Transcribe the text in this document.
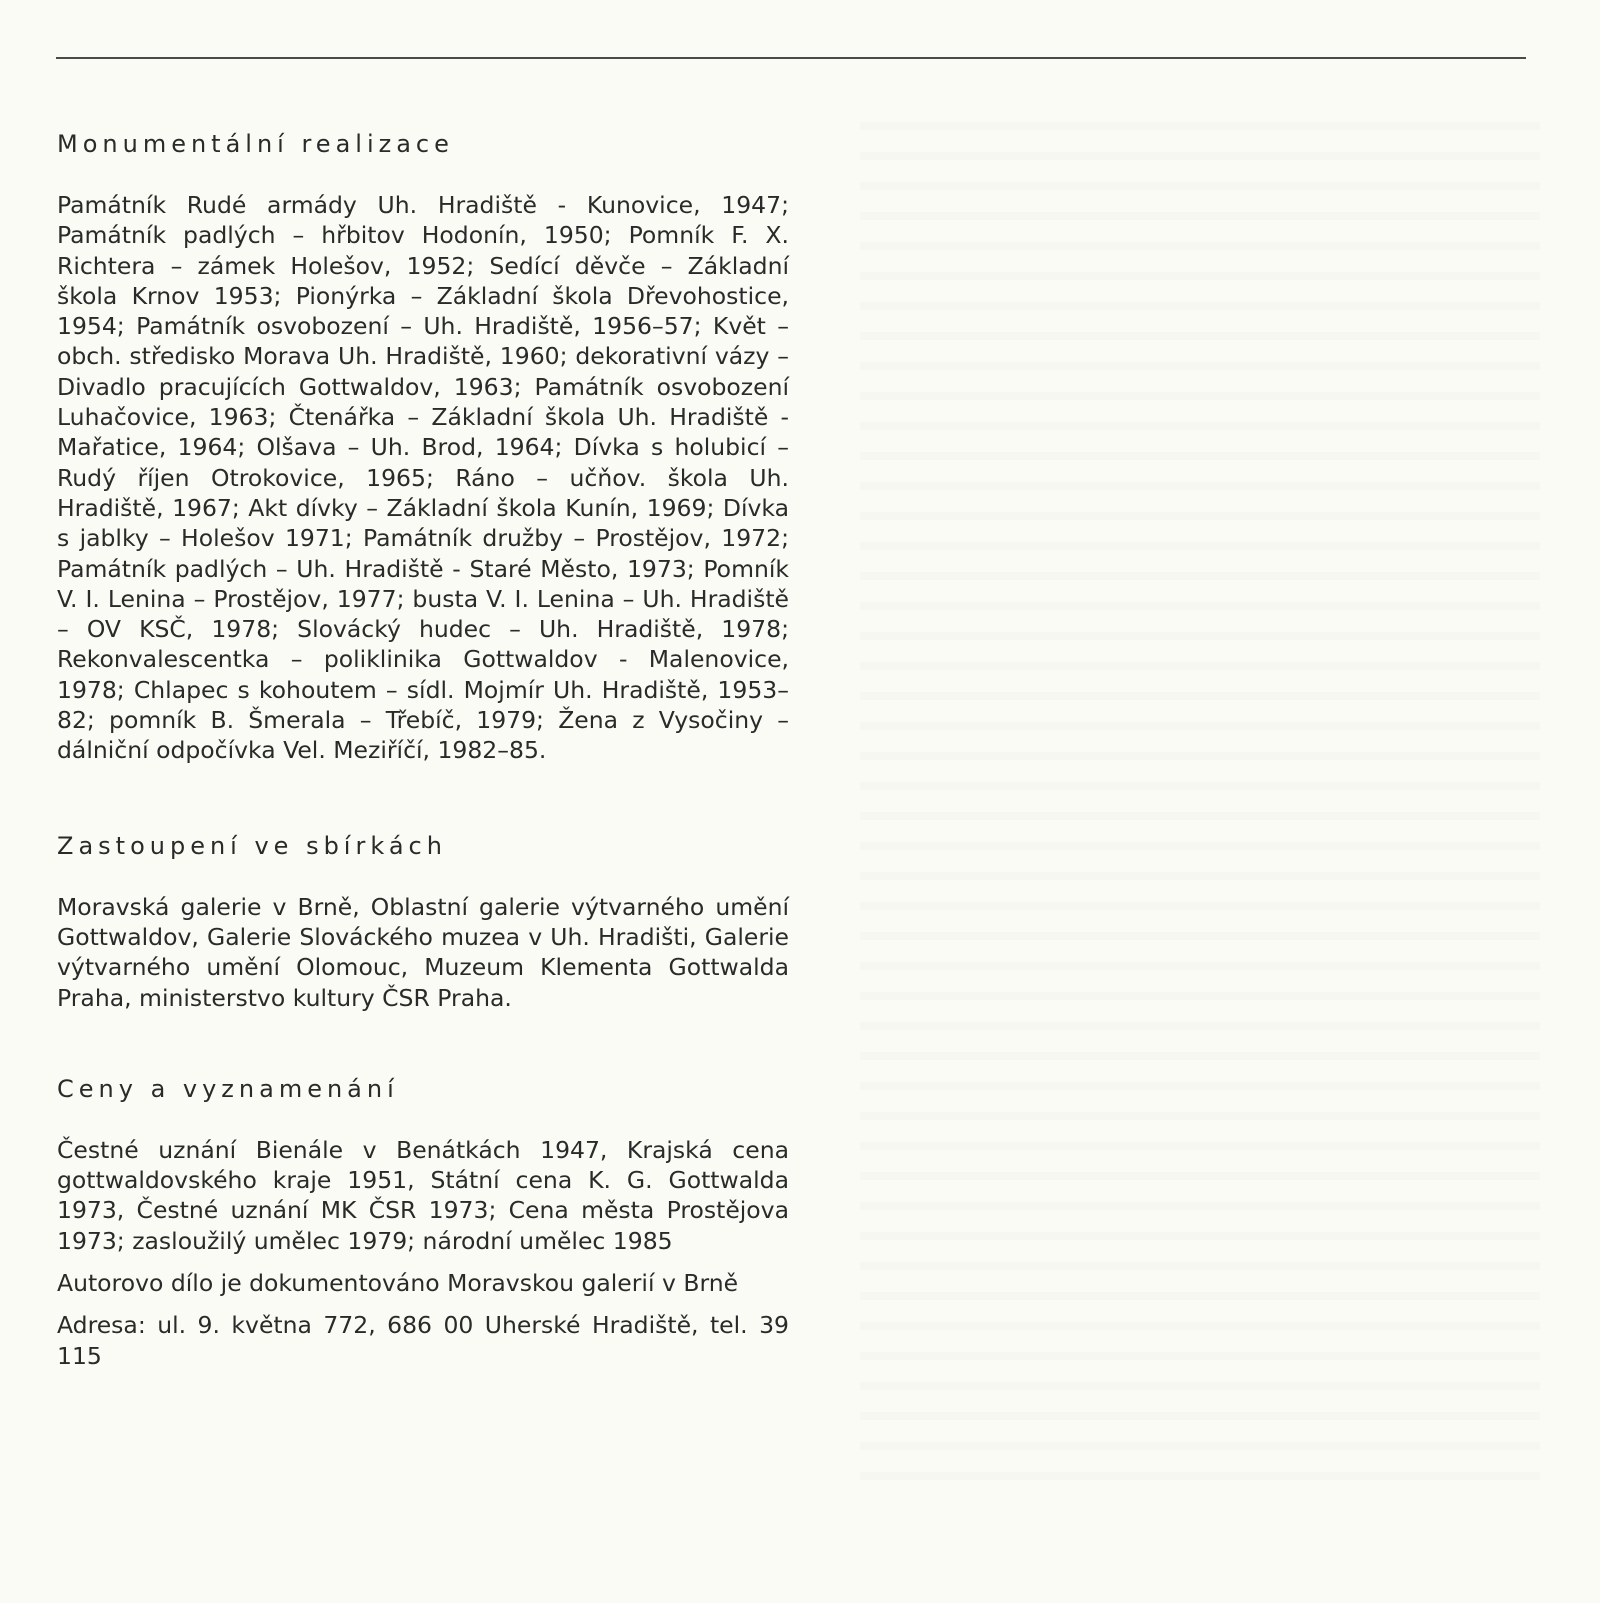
Monumentální realizace

Památník Rudé armády Uh. Hradiště - Kunovice, 1947; Památník padlých – hřbitov Hodonín, 1950; Pomník F. X. Richtera – zámek Holešov, 1952; Sedící děvče – Základní škola Krnov 1953; Pionýrka – Základní škola Dřevohostice, 1954; Památník osvobození – Uh. Hradiště, 1956–57; Květ – obch. středisko Morava Uh. Hradiště, 1960; dekorativní vázy – Divadlo pracujících Gottwaldov, 1963; Památník osvobození Luhačovice, 1963; Čtenářka – Základní škola Uh. Hradiště - Mařatice, 1964; Olšava – Uh. Brod, 1964; Dívka s holubicí – Rudý říjen Otrokovice, 1965; Ráno – učňov. škola Uh. Hradiště, 1967; Akt dívky – Základní škola Kunín, 1969; Dívka s jablky – Holešov 1971; Památník družby – Prostějov, 1972; Památník padlých – Uh. Hradiště - Staré Město, 1973; Pomník V. I. Lenina – Prostějov, 1977; busta V. I. Lenina – Uh. Hradiště – OV KSČ, 1978; Slovácký hudec – Uh. Hradiště, 1978; Rekonvalescentka – poliklinika Gottwaldov - Malenovice, 1978; Chlapec s kohoutem – sídl. Mojmír Uh. Hradiště, 1953–82; pomník B. Šmerala – Třebíč, 1979; Žena z Vysočiny – dálniční odpočívka Vel. Meziříčí, 1982–85.

Zastoupení ve sbírkách

Moravská galerie v Brně, Oblastní galerie výtvarného umění Gottwaldov, Galerie Slováckého muzea v Uh. Hradišti, Galerie výtvarného umění Olomouc, Muzeum Klementa Gottwalda Praha, ministerstvo kultury ČSR Praha.

Ceny a vyznamenání

Čestné uznání Bienále v Benátkách 1947, Krajská cena gottwaldovského kraje 1951, Státní cena K. G. Gottwalda 1973, Čestné uznání MK ČSR 1973; Cena města Prostějova 1973; zasloužilý umělec 1979; národní umělec 1985

Autorovo dílo je dokumentováno Moravskou galerií v Brně

Adresa: ul. 9. května 772, 686 00 Uherské Hradiště, tel. 39 115
